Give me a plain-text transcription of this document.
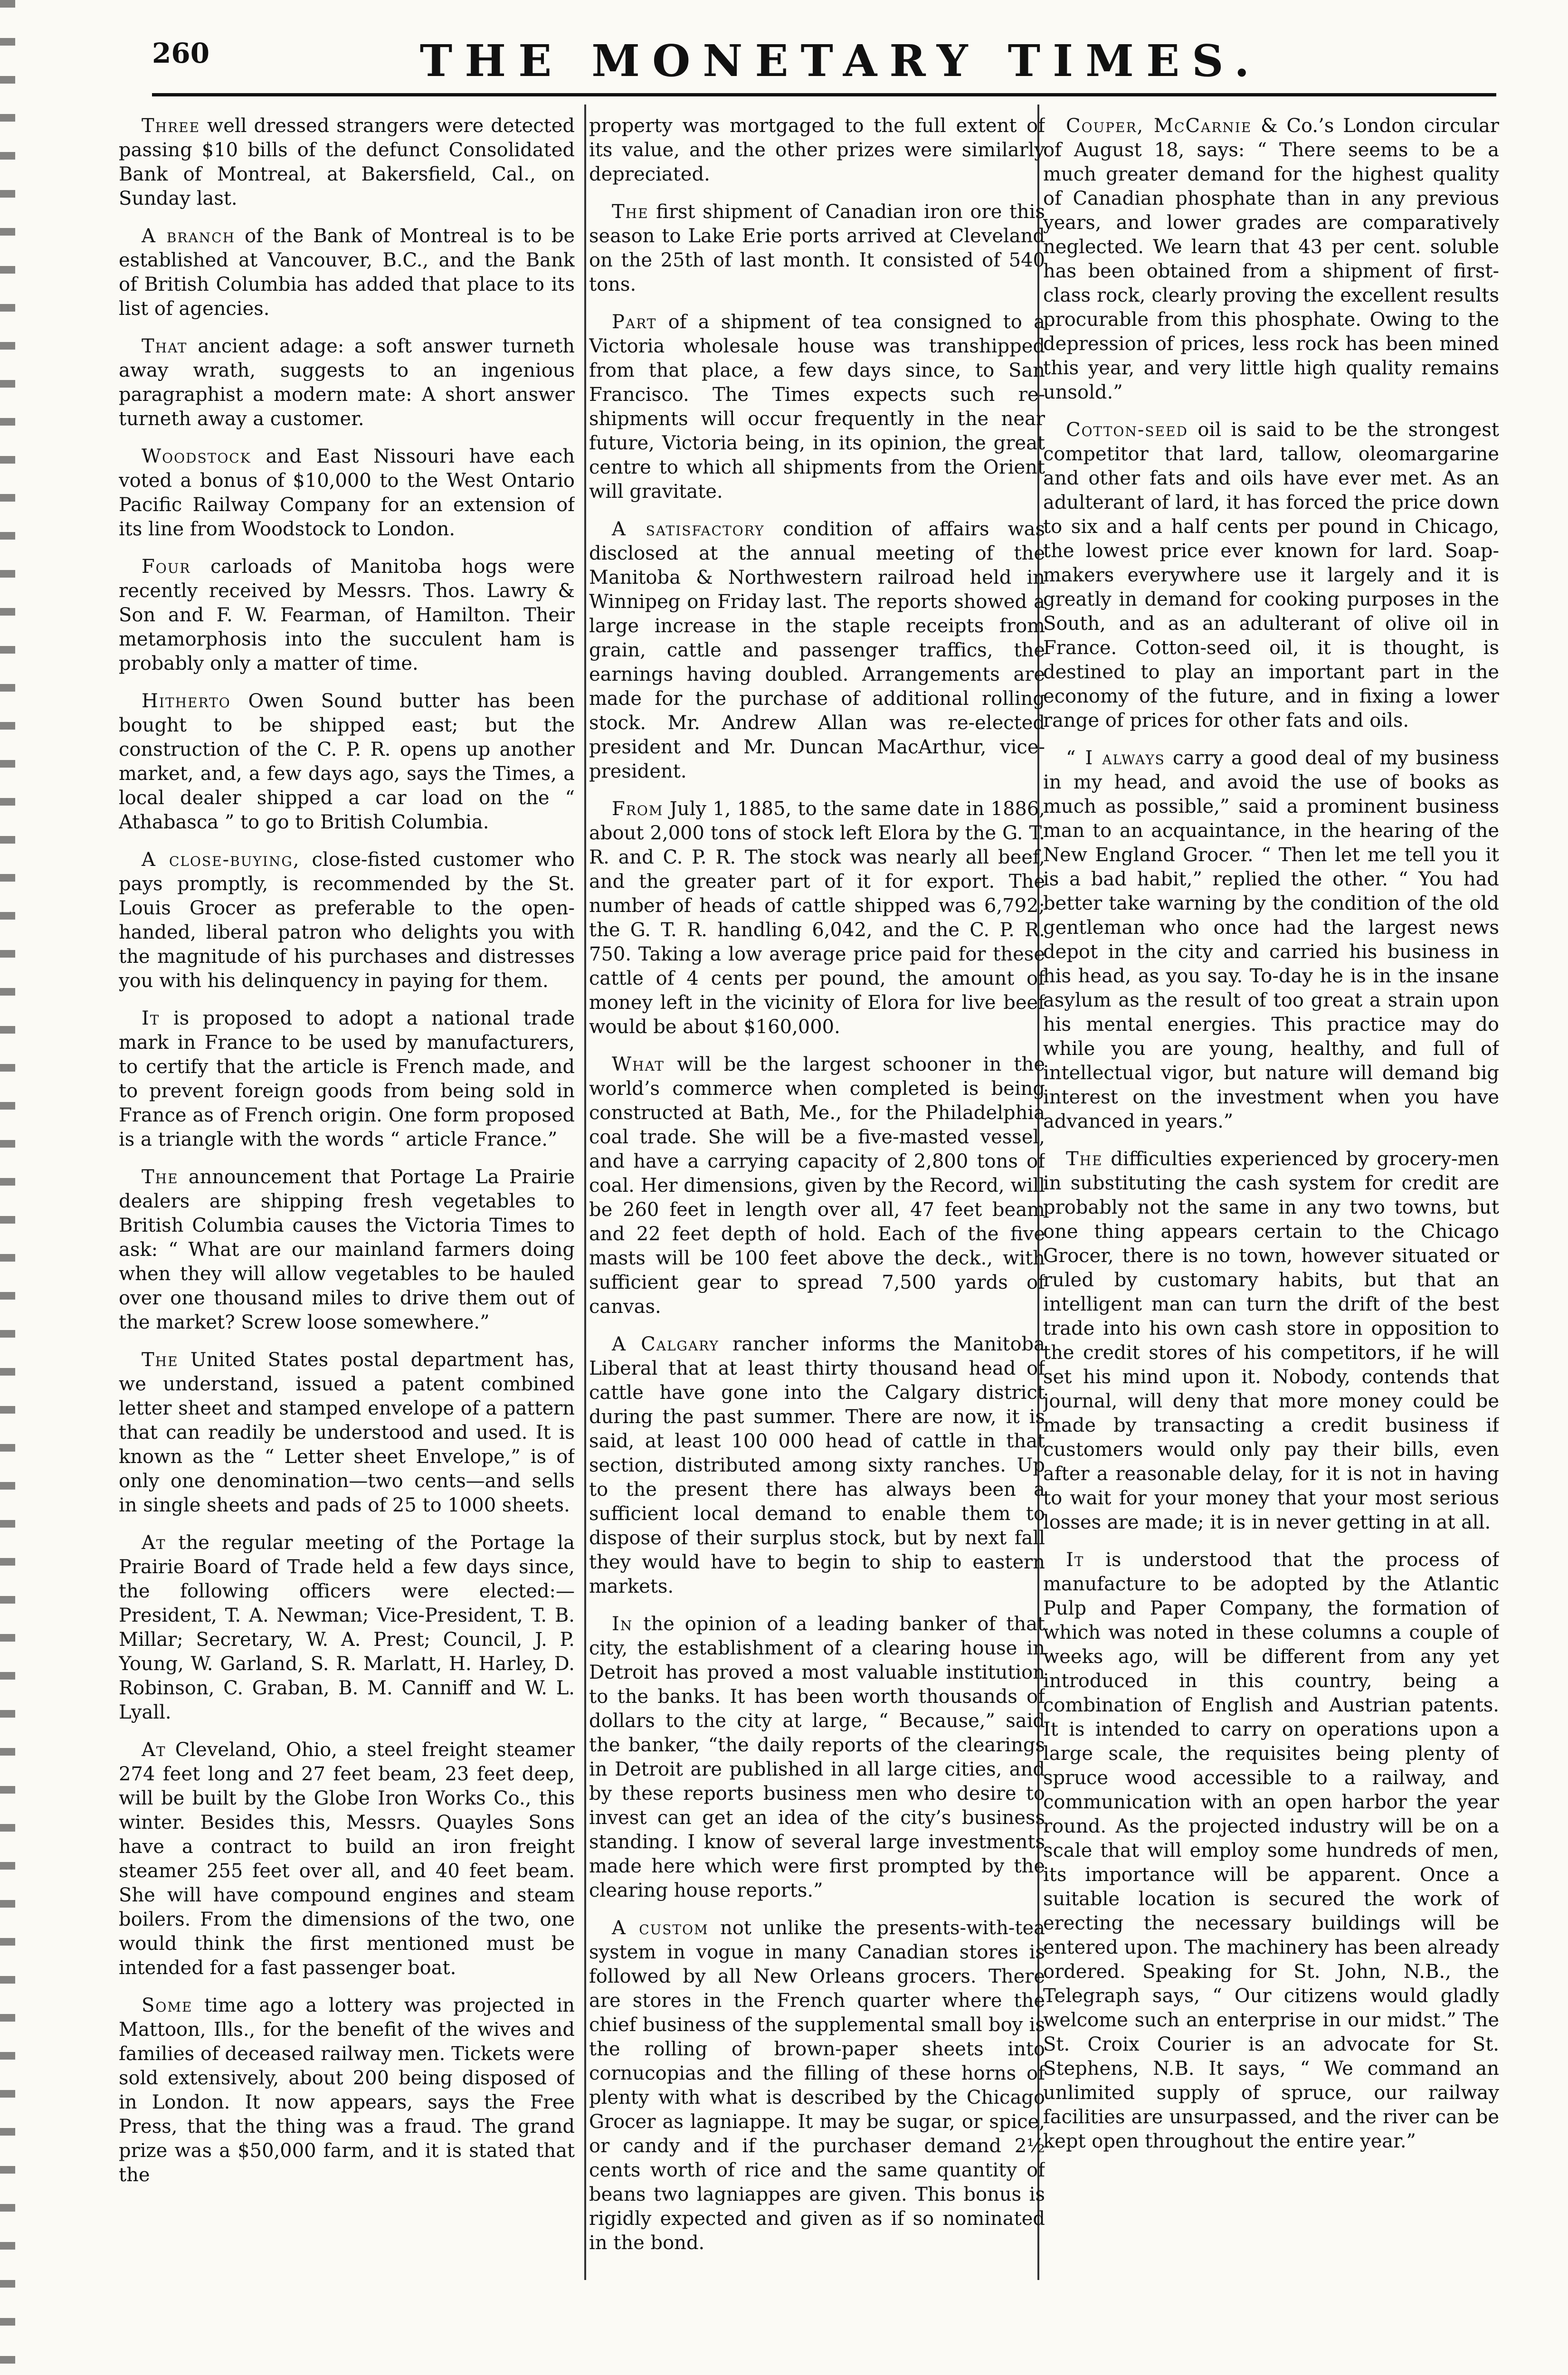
260	THE MONETARY TIMES.

Three well dressed strangers were detected passing $10 bills of the defunct Consolidated Bank of Montreal, at Bakersfield, Cal., on Sunday last.

A branch of the Bank of Montreal is to be established at Vancouver, B.C., and the Bank of British Columbia has added that place to its list of agencies.

That ancient adage: a soft answer turneth away wrath, suggests to an ingenious paragraphist a modern mate: A short answer turneth away a customer.

Woodstock and East Nissouri have each voted a bonus of $10,000 to the West Ontario Pacific Railway Company for an extension of its line from Woodstock to London.

Four carloads of Manitoba hogs were recently received by Messrs. Thos. Lawry & Son and F. W. Fearman, of Hamilton. Their metamorphosis into the succulent ham is probably only a matter of time.

Hitherto Owen Sound butter has been bought to be shipped east; but the construction of the C. P. R. opens up another market, and, a few days ago, says the Times, a local dealer shipped a car load on the “ Athabasca ” to go to British Columbia.

A close-buying, close-fisted customer who pays promptly, is recommended by the St. Louis Grocer as preferable to the open-handed, liberal patron who delights you with the magnitude of his purchases and distresses you with his delinquency in paying for them.

It is proposed to adopt a national trade mark in France to be used by manufacturers, to certify that the article is French made, and to prevent foreign goods from being sold in France as of French origin. One form proposed is a triangle with the words “ article France.”

The announcement that Portage La Prairie dealers are shipping fresh vegetables to British Columbia causes the Victoria Times to ask: “ What are our mainland farmers doing when they will allow vegetables to be hauled over one thousand miles to drive them out of the market? Screw loose somewhere.”

The United States postal department has, we understand, issued a patent combined letter sheet and stamped envelope of a pattern that can readily be understood and used. It is known as the “ Letter sheet Envelope,” is of only one denomination—two cents—and sells in single sheets and pads of 25 to 1000 sheets.

At the regular meeting of the Portage la Prairie Board of Trade held a few days since, the following officers were elected:—President, T. A. Newman; Vice-President, T. B. Millar; Secretary, W. A. Prest; Council, J. P. Young, W. Garland, S. R. Marlatt, H. Harley, D. Robinson, C. Graban, B. M. Canniff and W. L. Lyall.

At Cleveland, Ohio, a steel freight steamer 274 feet long and 27 feet beam, 23 feet deep, will be built by the Globe Iron Works Co., this winter. Besides this, Messrs. Quayles Sons have a contract to build an iron freight steamer 255 feet over all, and 40 feet beam. She will have compound engines and steam boilers. From the dimensions of the two, one would think the first mentioned must be intended for a fast passenger boat.

Some time ago a lottery was projected in Mattoon, Ills., for the benefit of the wives and families of deceased railway men. Tickets were sold extensively, about 200 being disposed of in London. It now appears, says the Free Press, that the thing was a fraud. The grand prize was a $50,000 farm, and it is stated that the

property was mortgaged to the full extent of its value, and the other prizes were similarly depreciated.

The first shipment of Canadian iron ore this season to Lake Erie ports arrived at Cleveland on the 25th of last month. It consisted of 540 tons.

Part of a shipment of tea consigned to a Victoria wholesale house was transhipped from that place, a few days since, to San Francisco. The Times expects such re-shipments will occur frequently in the near future, Victoria being, in its opinion, the great centre to which all shipments from the Orient will gravitate.

A satisfactory condition of affairs was disclosed at the annual meeting of the Manitoba & Northwestern railroad held in Winnipeg on Friday last. The reports showed a large increase in the staple receipts from grain, cattle and passenger traffics, the earnings having doubled. Arrangements are made for the purchase of additional rolling stock. Mr. Andrew Allan was re-elected president and Mr. Duncan MacArthur, vice-president.

From July 1, 1885, to the same date in 1886, about 2,000 tons of stock left Elora by the G. T. R. and C. P. R. The stock was nearly all beef, and the greater part of it for export. The number of heads of cattle shipped was 6,792; the G. T. R. handling 6,042, and the C. P. R. 750. Taking a low average price paid for these cattle of 4 cents per pound, the amount of money left in the vicinity of Elora for live beef would be about $160,000.

What will be the largest schooner in the world’s commerce when completed is being constructed at Bath, Me., for the Philadelphia coal trade. She will be a five-masted vessel, and have a carrying capacity of 2,800 tons of coal. Her dimensions, given by the Record, will be 260 feet in length over all, 47 feet beam and 22 feet depth of hold. Each of the five masts will be 100 feet above the deck., with sufficient gear to spread 7,500 yards of canvas.

A Calgary rancher informs the Manitoba Liberal that at least thirty thousand head of cattle have gone into the Calgary district during the past summer. There are now, it is said, at least 100 000 head of cattle in that section, distributed among sixty ranches. Up to the present there has always been a sufficient local demand to enable them to dispose of their surplus stock, but by next fall they would have to begin to ship to eastern markets.

In the opinion of a leading banker of that city, the establishment of a clearing house in Detroit has proved a most valuable institution to the banks. It has been worth thousands of dollars to the city at large, “ Because,” said the banker, “the daily reports of the clearings in Detroit are published in all large cities, and by these reports business men who desire to invest can get an idea of the city’s business standing. I know of several large investments made here which were first prompted by the clearing house reports.”

A custom not unlike the presents-with-tea system in vogue in many Canadian stores is followed by all New Orleans grocers. There are stores in the French quarter where the chief business of the supplemental small boy is the rolling of brown-paper sheets into cornucopias and the filling of these horns of plenty with what is described by the Chicago Grocer as lagniappe. It may be sugar, or spice, or candy and if the purchaser demand 2½ cents worth of rice and the same quantity of beans two lagniappes are given. This bonus is rigidly expected and given as if so nominated in the bond.

Couper, McCarnie & Co.’s London circular of August 18, says: “ There seems to be a much greater demand for the highest quality of Canadian phosphate than in any previous years, and lower grades are comparatively neglected. We learn that 43 per cent. soluble has been obtained from a shipment of first-class rock, clearly proving the excellent results procurable from this phosphate. Owing to the depression of prices, less rock has been mined this year, and very little high quality remains unsold.”

Cotton-seed oil is said to be the strongest competitor that lard, tallow, oleomargarine and other fats and oils have ever met. As an adulterant of lard, it has forced the price down to six and a half cents per pound in Chicago, the lowest price ever known for lard. Soap-makers everywhere use it largely and it is greatly in demand for cooking purposes in the South, and as an adulterant of olive oil in France. Cotton-seed oil, it is thought, is destined to play an important part in the economy of the future, and in fixing a lower range of prices for other fats and oils.

“ I always carry a good deal of my business in my head, and avoid the use of books as much as possible,” said a prominent business man to an acquaintance, in the hearing of the New England Grocer. “ Then let me tell you it is a bad habit,” replied the other. “ You had better take warning by the condition of the old gentleman who once had the largest news depot in the city and carried his business in his head, as you say. To-day he is in the insane asylum as the result of too great a strain upon his mental energies. This practice may do while you are young, healthy, and full of intellectual vigor, but nature will demand big interest on the investment when you have advanced in years.”

The difficulties experienced by grocery-men in substituting the cash system for credit are probably not the same in any two towns, but one thing appears certain to the Chicago Grocer, there is no town, however situated or ruled by customary habits, but that an intelligent man can turn the drift of the best trade into his own cash store in opposition to the credit stores of his competitors, if he will set his mind upon it. Nobody, contends that journal, will deny that more money could be made by transacting a credit business if customers would only pay their bills, even after a reasonable delay, for it is not in having to wait for your money that your most serious losses are made; it is in never getting in at all.

It is understood that the process of manufacture to be adopted by the Atlantic Pulp and Paper Company, the formation of which was noted in these columns a couple of weeks ago, will be different from any yet introduced in this country, being a combination of English and Austrian patents. It is intended to carry on operations upon a large scale, the requisites being plenty of spruce wood accessible to a railway, and communication with an open harbor the year round. As the projected industry will be on a scale that will employ some hundreds of men, its importance will be apparent. Once a suitable location is secured the work of erecting the necessary buildings will be entered upon. The machinery has been already ordered. Speaking for St. John, N.B., the Telegraph says, “ Our citizens would gladly welcome such an enterprise in our midst.” The St. Croix Courier is an advocate for St. Stephens, N.B. It says, “ We command an unlimited supply of spruce, our railway facilities are unsurpassed, and the river can be kept open throughout the entire year.”
